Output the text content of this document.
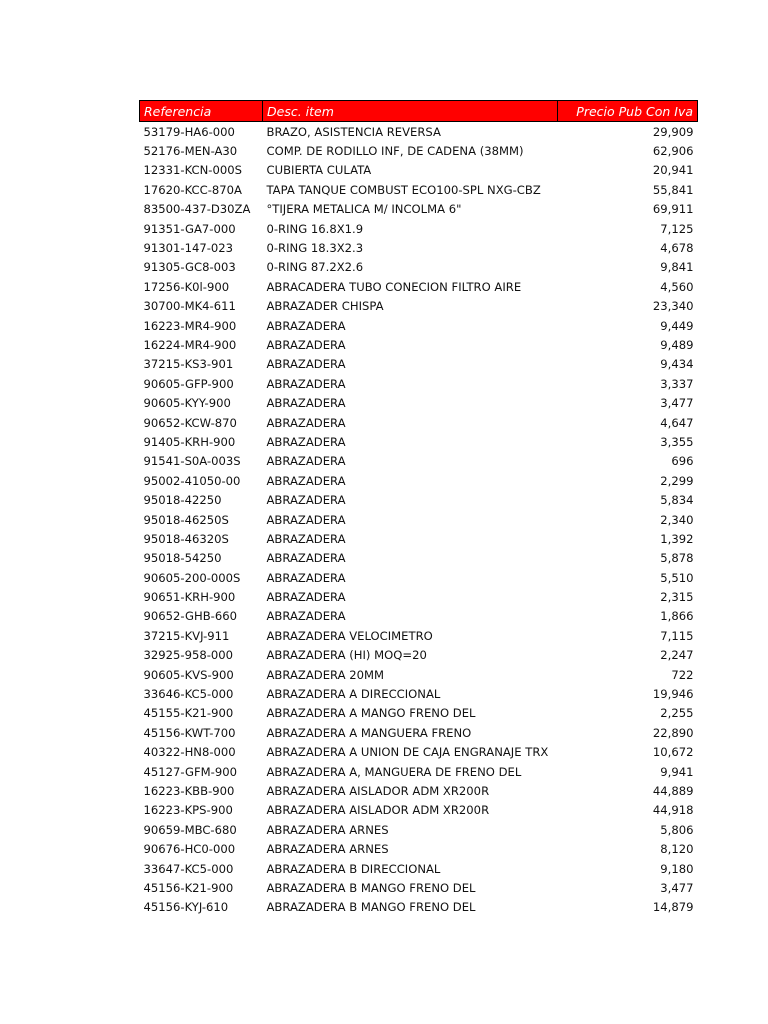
Referencia	Desc. item	Precio Pub Con Iva
53179-HA6-000	BRAZO, ASISTENCIA REVERSA	29,909
52176-MEN-A30	COMP. DE RODILLO INF, DE CADENA (38MM)	62,906
12331-KCN-000S	CUBIERTA CULATA	20,941
17620-KCC-870A	TAPA TANQUE COMBUST ECO100-SPL NXG-CBZ	55,841
83500-437-D30ZA	°TIJERA METALICA M/ INCOLMA 6"	69,911
91351-GA7-000	0-RING 16.8X1.9	7,125
91301-147-023	0-RING 18.3X2.3	4,678
91305-GC8-003	0-RING 87.2X2.6	9,841
17256-K0l-900	ABRACADERA TUBO CONECION FILTRO AIRE	4,560
30700-MK4-611	ABRAZADER CHISPA	23,340
16223-MR4-900	ABRAZADERA	9,449
16224-MR4-900	ABRAZADERA	9,489
37215-KS3-901	ABRAZADERA	9,434
90605-GFP-900	ABRAZADERA	3,337
90605-KYY-900	ABRAZADERA	3,477
90652-KCW-870	ABRAZADERA	4,647
91405-KRH-900	ABRAZADERA	3,355
91541-S0A-003S	ABRAZADERA	696
95002-41050-00	ABRAZADERA	2,299
95018-42250	ABRAZADERA	5,834
95018-46250S	ABRAZADERA	2,340
95018-46320S	ABRAZADERA	1,392
95018-54250	ABRAZADERA	5,878
90605-200-000S	ABRAZADERA	5,510
90651-KRH-900	ABRAZADERA	2,315
90652-GHB-660	ABRAZADERA	1,866
37215-KVJ-911	ABRAZADERA VELOCIMETRO	7,115
32925-958-000	ABRAZADERA (HI) MOQ=20	2,247
90605-KVS-900	ABRAZADERA 20MM	722
33646-KC5-000	ABRAZADERA A DIRECCIONAL	19,946
45155-K21-900	ABRAZADERA A MANGO FRENO DEL	2,255
45156-KWT-700	ABRAZADERA A MANGUERA FRENO	22,890
40322-HN8-000	ABRAZADERA A UNION DE CAJA ENGRANAJE TRX	10,672
45127-GFM-900	ABRAZADERA A, MANGUERA DE FRENO DEL	9,941
16223-KBB-900	ABRAZADERA AISLADOR ADM XR200R	44,889
16223-KPS-900	ABRAZADERA AISLADOR ADM XR200R	44,918
90659-MBC-680	ABRAZADERA ARNES	5,806
90676-HC0-000	ABRAZADERA ARNES	8,120
33647-KC5-000	ABRAZADERA B DIRECCIONAL	9,180
45156-K21-900	ABRAZADERA B MANGO FRENO DEL	3,477
45156-KYJ-610	ABRAZADERA B MANGO FRENO DEL	14,879
